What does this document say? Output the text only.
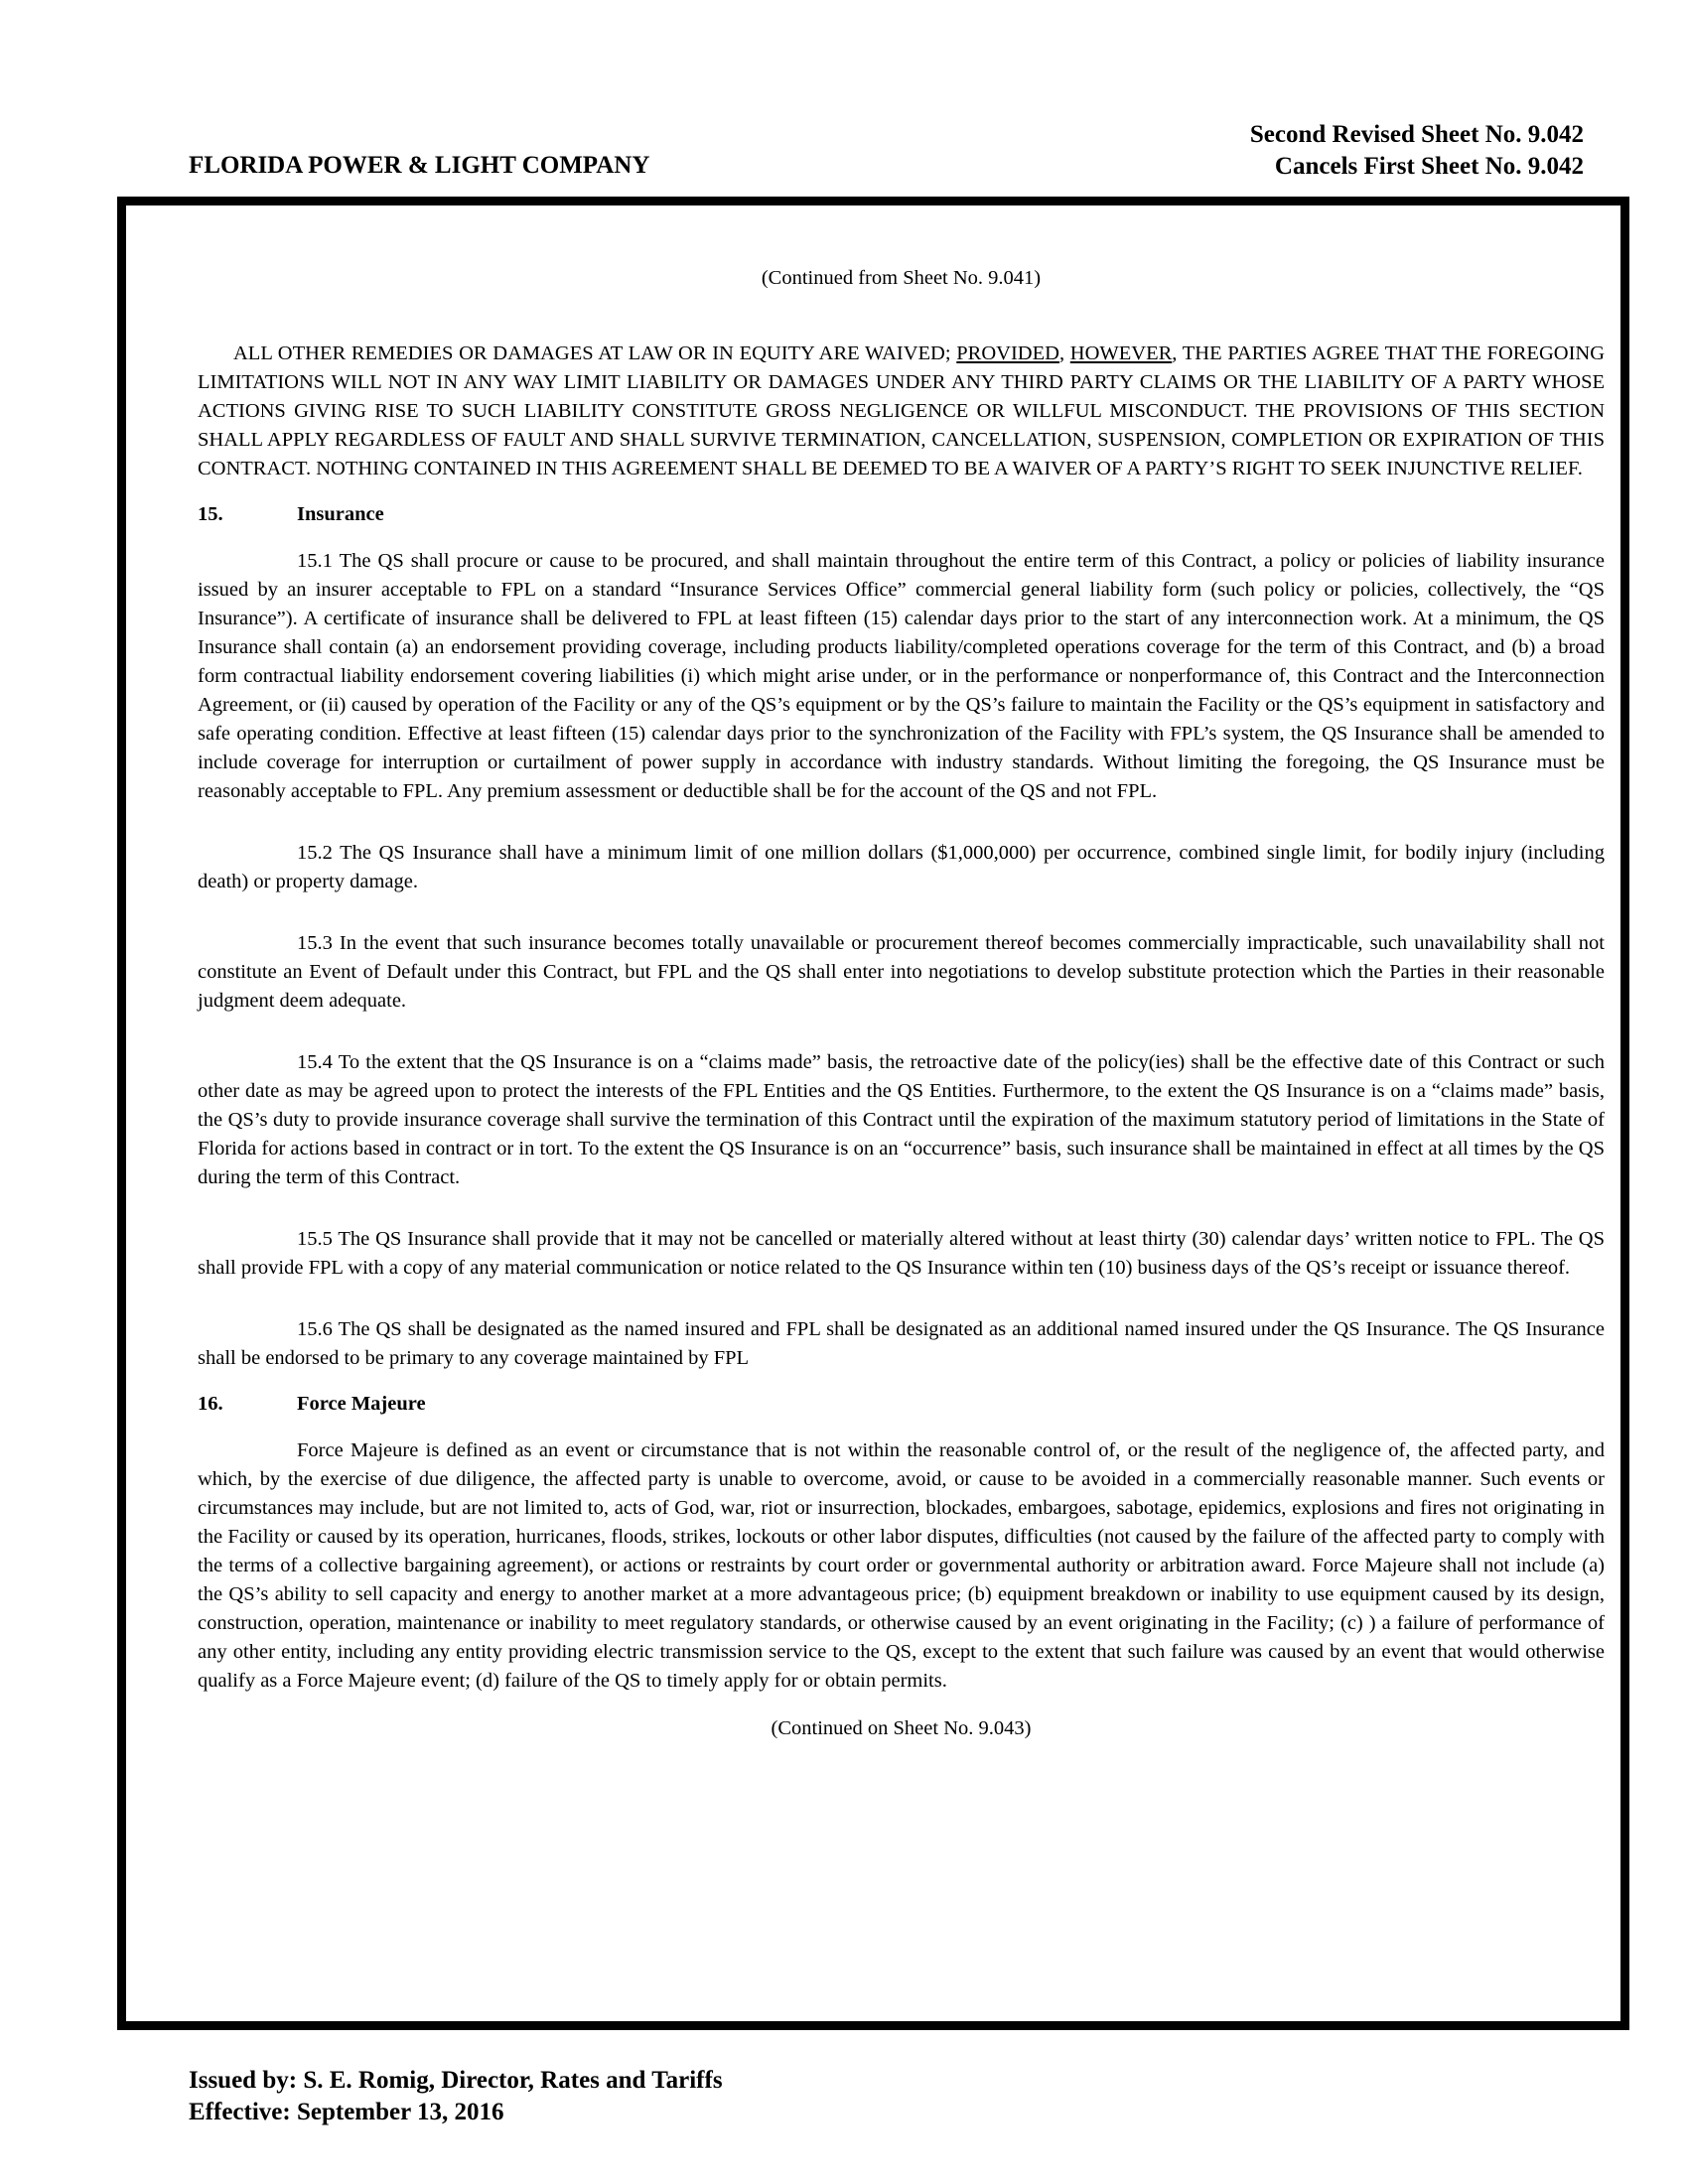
Second Revised Sheet No. 9.042
Cancels First Sheet No. 9.042
FLORIDA POWER & LIGHT COMPANY
(Continued from Sheet No. 9.041)

ALL OTHER REMEDIES OR DAMAGES AT LAW OR IN EQUITY ARE WAIVED; PROVIDED, HOWEVER, THE PARTIES AGREE THAT THE FOREGOING LIMITATIONS WILL NOT IN ANY WAY LIMIT LIABILITY OR DAMAGES UNDER ANY THIRD PARTY CLAIMS OR THE LIABILITY OF A PARTY WHOSE ACTIONS GIVING RISE TO SUCH LIABILITY CONSTITUTE GROSS NEGLIGENCE OR WILLFUL MISCONDUCT. THE PROVISIONS OF THIS SECTION SHALL APPLY REGARDLESS OF FAULT AND SHALL SURVIVE TERMINATION, CANCELLATION, SUSPENSION, COMPLETION OR EXPIRATION OF THIS CONTRACT. NOTHING CONTAINED IN THIS AGREEMENT SHALL BE DEEMED TO BE A WAIVER OF A PARTY’S RIGHT TO SEEK INJUNCTIVE RELIEF.

15.	Insurance

15.1 The QS shall procure or cause to be procured, and shall maintain throughout the entire term of this Contract, a policy or policies of liability insurance issued by an insurer acceptable to FPL on a standard “Insurance Services Office” commercial general liability form (such policy or policies, collectively, the “QS Insurance”). A certificate of insurance shall be delivered to FPL at least fifteen (15) calendar days prior to the start of any interconnection work. At a minimum, the QS Insurance shall contain (a) an endorsement providing coverage, including products liability/completed operations coverage for the term of this Contract, and (b) a broad form contractual liability endorsement covering liabilities (i) which might arise under, or in the performance or nonperformance of, this Contract and the Interconnection Agreement, or (ii) caused by operation of the Facility or any of the QS’s equipment or by the QS’s failure to maintain the Facility or the QS’s equipment in satisfactory and safe operating condition. Effective at least fifteen (15) calendar days prior to the synchronization of the Facility with FPL’s system, the QS Insurance shall be amended to include coverage for interruption or curtailment of power supply in accordance with industry standards. Without limiting the foregoing, the QS Insurance must be reasonably acceptable to FPL. Any premium assessment or deductible shall be for the account of the QS and not FPL.

15.2 The QS Insurance shall have a minimum limit of one million dollars ($1,000,000) per occurrence, combined single limit, for bodily injury (including death) or property damage.

15.3 In the event that such insurance becomes totally unavailable or procurement thereof becomes commercially impracticable, such unavailability shall not constitute an Event of Default under this Contract, but FPL and the QS shall enter into negotiations to develop substitute protection which the Parties in their reasonable judgment deem adequate.

15.4 To the extent that the QS Insurance is on a “claims made” basis, the retroactive date of the policy(ies) shall be the effective date of this Contract or such other date as may be agreed upon to protect the interests of the FPL Entities and the QS Entities. Furthermore, to the extent the QS Insurance is on a “claims made” basis, the QS’s duty to provide insurance coverage shall survive the termination of this Contract until the expiration of the maximum statutory period of limitations in the State of Florida for actions based in contract or in tort. To the extent the QS Insurance is on an “occurrence” basis, such insurance shall be maintained in effect at all times by the QS during the term of this Contract.

15.5 The QS Insurance shall provide that it may not be cancelled or materially altered without at least thirty (30) calendar days’ written notice to FPL. The QS shall provide FPL with a copy of any material communication or notice related to the QS Insurance within ten (10) business days of the QS’s receipt or issuance thereof.

15.6 The QS shall be designated as the named insured and FPL shall be designated as an additional named insured under the QS Insurance. The QS Insurance shall be endorsed to be primary to any coverage maintained by FPL

16.	Force Majeure

Force Majeure is defined as an event or circumstance that is not within the reasonable control of, or the result of the negligence of, the affected party, and which, by the exercise of due diligence, the affected party is unable to overcome, avoid, or cause to be avoided in a commercially reasonable manner. Such events or circumstances may include, but are not limited to, acts of God, war, riot or insurrection, blockades, embargoes, sabotage, epidemics, explosions and fires not originating in the Facility or caused by its operation, hurricanes, floods, strikes, lockouts or other labor disputes, difficulties (not caused by the failure of the affected party to comply with the terms of a collective bargaining agreement), or actions or restraints by court order or governmental authority or arbitration award. Force Majeure shall not include (a) the QS’s ability to sell capacity and energy to another market at a more advantageous price; (b) equipment breakdown or inability to use equipment caused by its design, construction, operation, maintenance or inability to meet regulatory standards, or otherwise caused by an event originating in the Facility; (c) ) a failure of performance of any other entity, including any entity providing electric transmission service to the QS, except to the extent that such failure was caused by an event that would otherwise qualify as a Force Majeure event; (d) failure of the QS to timely apply for or obtain permits.

(Continued on Sheet No. 9.043)
Issued by: S. E. Romig, Director, Rates and Tariffs
Effective: September 13, 2016
